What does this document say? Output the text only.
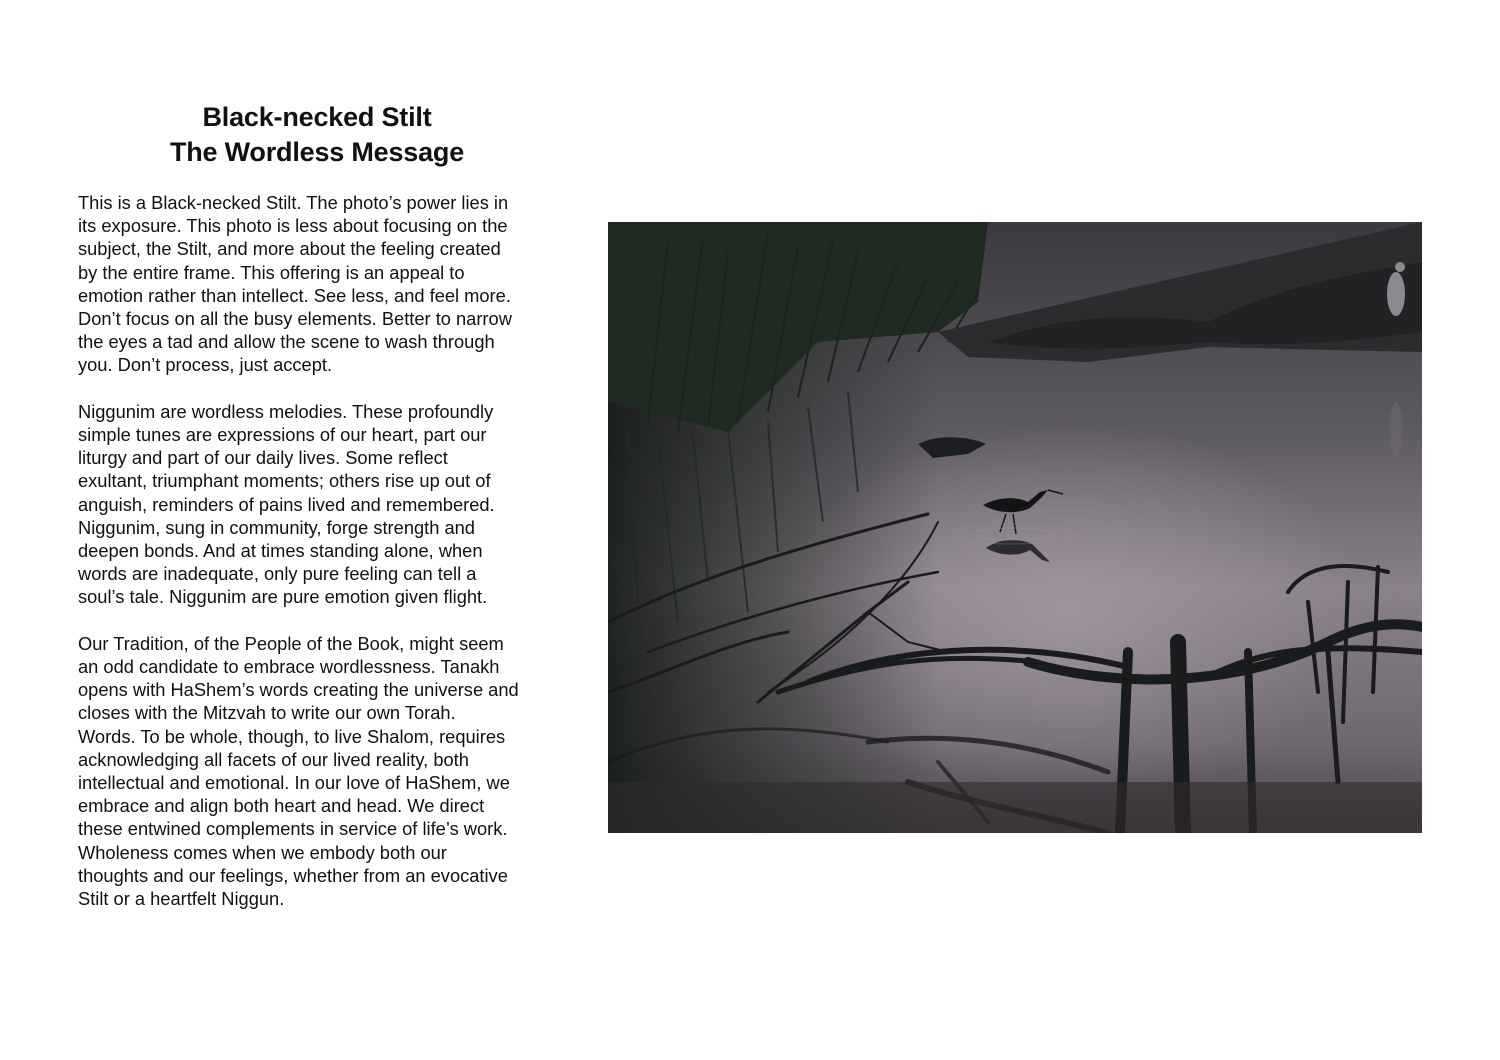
Black-necked Stilt
The Wordless Message

This is a Black-necked Stilt. The photo’s power lies in
its exposure. This photo is less about focusing on the
subject, the Stilt, and more about the feeling created
by the entire frame. This offering is an appeal to
emotion rather than intellect. See less, and feel more.
Don’t focus on all the busy elements. Better to narrow
the eyes a tad and allow the scene to wash through
you. Don’t process, just accept.

Niggunim are wordless melodies. These profoundly
simple tunes are expressions of our heart, part our
liturgy and part of our daily lives. Some reflect
exultant, triumphant moments; others rise up out of
anguish, reminders of pains lived and remembered.
Niggunim, sung in community, forge strength and
deepen bonds. And at times standing alone, when
words are inadequate, only pure feeling can tell a
soul’s tale. Niggunim are pure emotion given flight.

Our Tradition, of the People of the Book, might seem
an odd candidate to embrace wordlessness. Tanakh
opens with HaShem’s words creating the universe and
closes with the Mitzvah to write our own Torah.
Words. To be whole, though, to live Shalom, requires
acknowledging all facets of our lived reality, both
intellectual and emotional. In our love of HaShem, we
embrace and align both heart and head. We direct
these entwined complements in service of life’s work.
Wholeness comes when we embody both our
thoughts and our feelings, whether from an evocative
Stilt or a heartfelt Niggun.
